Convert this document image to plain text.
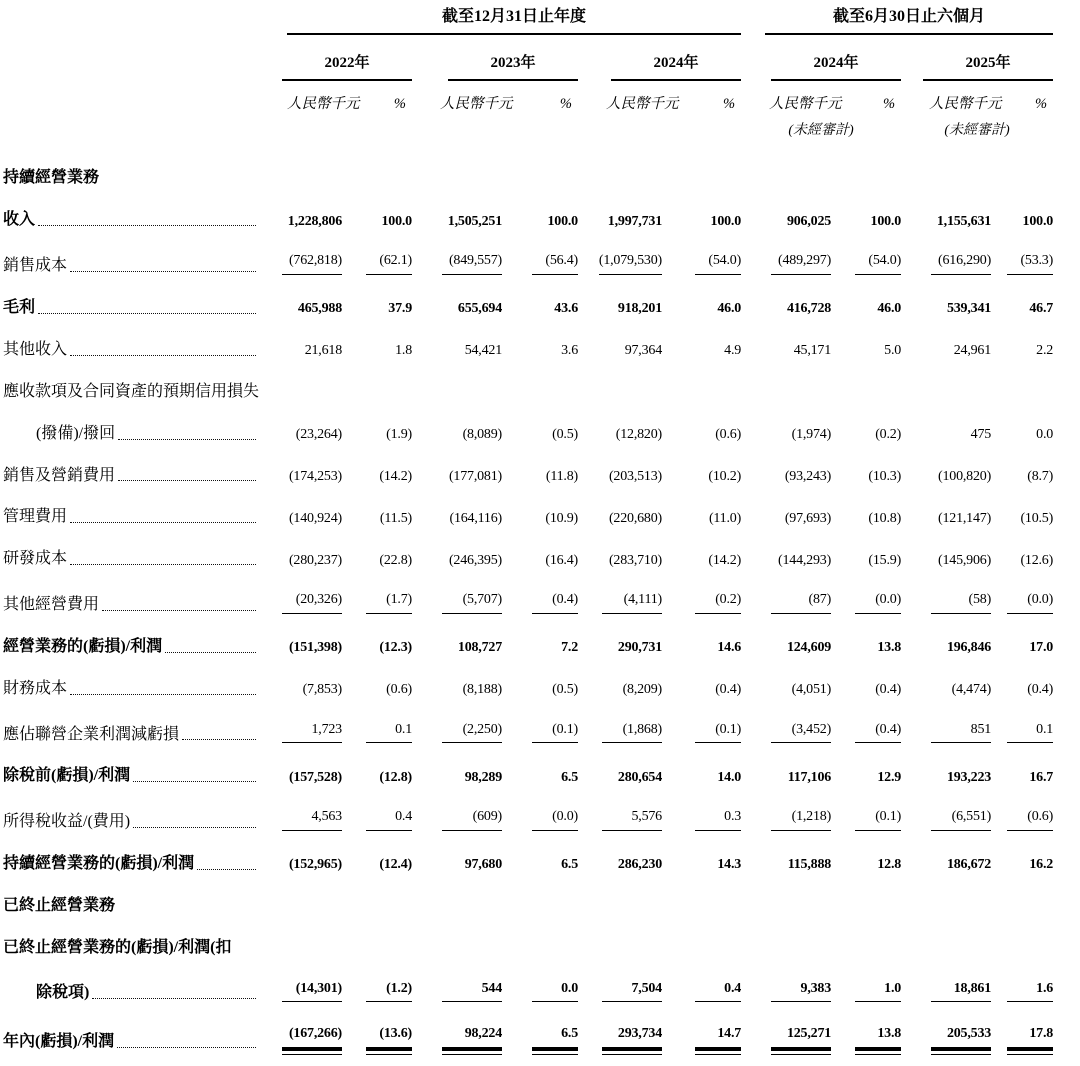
	截至12月31日止年度						截至6月30日止六個月			

	2022年		2023年		2024年		2024年		2025年	

	人民幣千元 %		人民幣千元 %		人民幣千元 %		人民幣千元 %		人民幣千元 %	

							(未經審計)		(未經審計)	

持續經營業務										

收入	1,228,806	100.0	1,505,251	100.0	1,997,731	100.0	906,025	100.0	1,155,631	100.0

銷售成本	(762,818)	(62.1)	(849,557)	(56.4)	(1,079,530)	(54.0)	(489,297)	(54.0)	(616,290)	(53.3)

毛利	465,988	37.9	655,694	43.6	918,201	46.0	416,728	46.0	539,341	46.7

其他收入	21,618	1.8	54,421	3.6	97,364	4.9	45,171	5.0	24,961	2.2

應收款項及合同資產的預期信用損失										

(撥備)/撥回	(23,264)	(1.9)	(8,089)	(0.5)	(12,820)	(0.6)	(1,974)	(0.2)	475	0.0

銷售及營銷費用	(174,253)	(14.2)	(177,081)	(11.8)	(203,513)	(10.2)	(93,243)	(10.3)	(100,820)	(8.7)

管理費用	(140,924)	(11.5)	(164,116)	(10.9)	(220,680)	(11.0)	(97,693)	(10.8)	(121,147)	(10.5)

研發成本	(280,237)	(22.8)	(246,395)	(16.4)	(283,710)	(14.2)	(144,293)	(15.9)	(145,906)	(12.6)

其他經營費用	(20,326)	(1.7)	(5,707)	(0.4)	(4,111)	(0.2)	(87)	(0.0)	(58)	(0.0)

經營業務的(虧損)/利潤	(151,398)	(12.3)	108,727	7.2	290,731	14.6	124,609	13.8	196,846	17.0

財務成本	(7,853)	(0.6)	(8,188)	(0.5)	(8,209)	(0.4)	(4,051)	(0.4)	(4,474)	(0.4)

應佔聯營企業利潤減虧損	1,723	0.1	(2,250)	(0.1)	(1,868)	(0.1)	(3,452)	(0.4)	851	0.1

除稅前(虧損)/利潤	(157,528)	(12.8)	98,289	6.5	280,654	14.0	117,106	12.9	193,223	16.7

所得稅收益/(費用)	4,563	0.4	(609)	(0.0)	5,576	0.3	(1,218)	(0.1)	(6,551)	(0.6)

持續經營業務的(虧損)/利潤	(152,965)	(12.4)	97,680	6.5	286,230	14.3	115,888	12.8	186,672	16.2

已終止經營業務										

已終止經營業務的(虧損)/利潤(扣										

除稅項)	(14,301)	(1.2)	544	0.0	7,504	0.4	9,383	1.0	18,861	1.6

年內(虧損)/利潤	(167,266)	(13.6)	98,224	6.5	293,734	14.7	125,271	13.8	205,533	17.8
